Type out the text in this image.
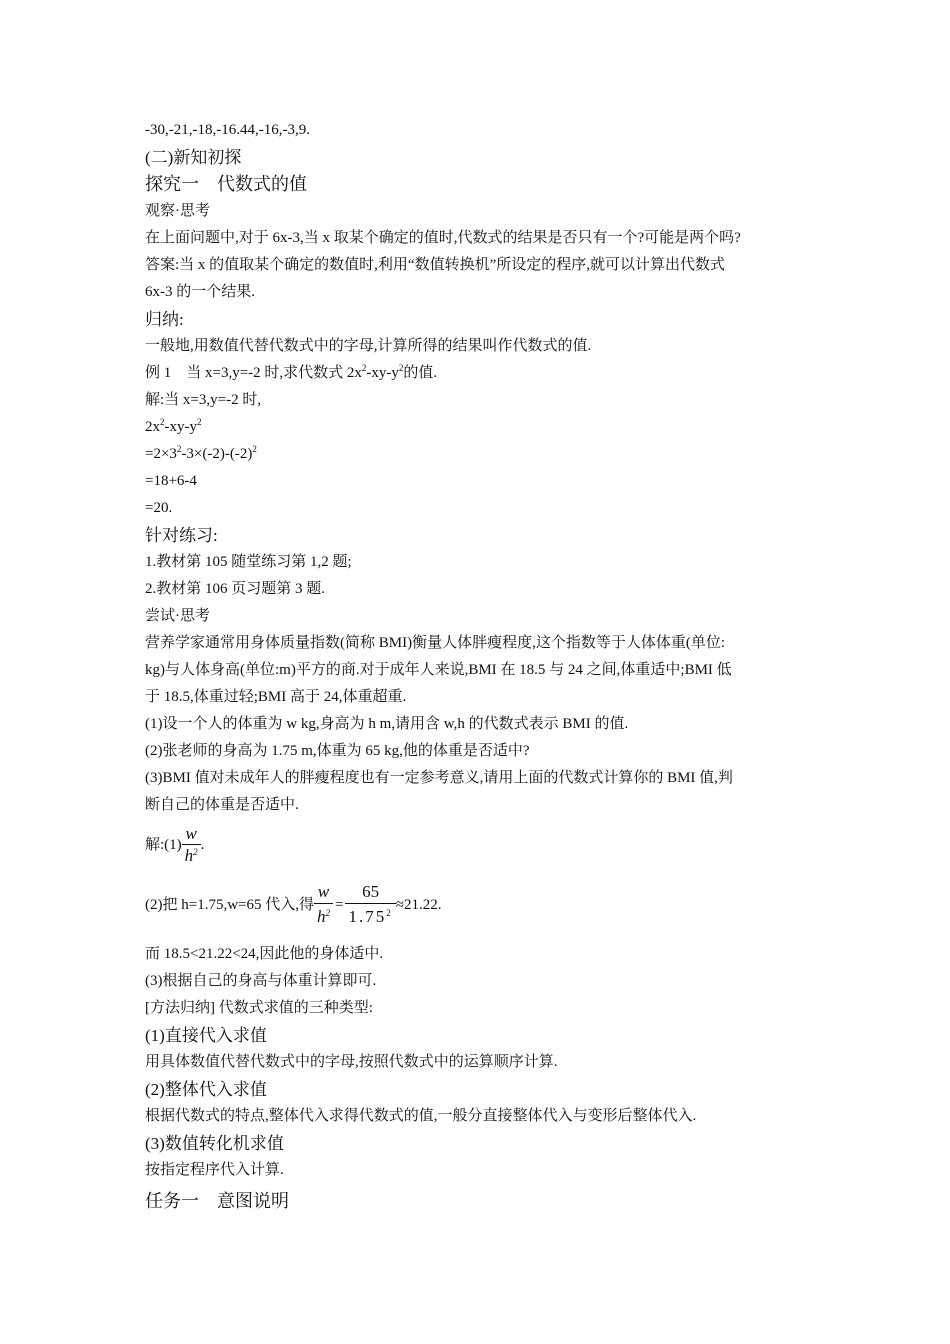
-30,-21,-18,-16.44,-16,-3,9.
(二)新知初探
探究一　代数式的值
观察·思考
在上面问题中,对于 6x-3,当 x 取某个确定的值时,代数式的结果是否只有一个?可能是两个吗?
答案:当 x 的值取某个确定的数值时,利用“数值转换机”所设定的程序,就可以计算出代数式
6x-3 的一个结果.
归纳:
一般地,用数值代替代数式中的字母,计算所得的结果叫作代数式的值.
例 1　当 x=3,y=-2 时,求代数式 $2x^2-xy-y^2$的值.
解:当 x=3,y=-2 时,
$2x^2-xy-y^2$
$=2\times 3^2-3\times(-2)-(-2)^2$
=18+6-4
=20.
针对练习:
1.教材第 105 随堂练习第 1,2 题;
2.教材第 106 页习题第 3 题.
尝试·思考
营养学家通常用身体质量指数(简称 BMI)衡量人体胖瘦程度,这个指数等于人体体重(单位:
kg)与人体身高(单位:m)平方的商.对于成年人来说,BMI 在 18.5 与 24 之间,体重适中;BMI 低
于 18.5,体重过轻;BMI 高于 24,体重超重.
(1)设一个人的体重为 w kg,身高为 h m,请用含 w,h 的代数式表示 BMI 的值.
(2)张老师的身高为 1.75 m,体重为 65 kg,他的体重是否适中?
(3)BMI 值对未成年人的胖瘦程度也有一定参考意义,请用上面的代数式计算你的 BMI 值,判
断自己的体重是否适中.
解:(1) $\frac{w}{h^2}$ .
(2)把 h=1.75,w=65 代入,得 $\frac{w}{h^2} = \frac{65}{1.75^2} \approx 21.22$.
而 18.5<21.22<24,因此他的身体适中.
(3)根据自己的身高与体重计算即可.
[方法归纳] 代数式求值的三种类型:
(1)直接代入求值
用具体数值代替代数式中的字母,按照代数式中的运算顺序计算.
(2)整体代入求值
根据代数式的特点,整体代入求得代数式的值,一般分直接整体代入与变形后整体代入.
(3)数值转化机求值
按指定程序代入计算.
任务一　意图说明
